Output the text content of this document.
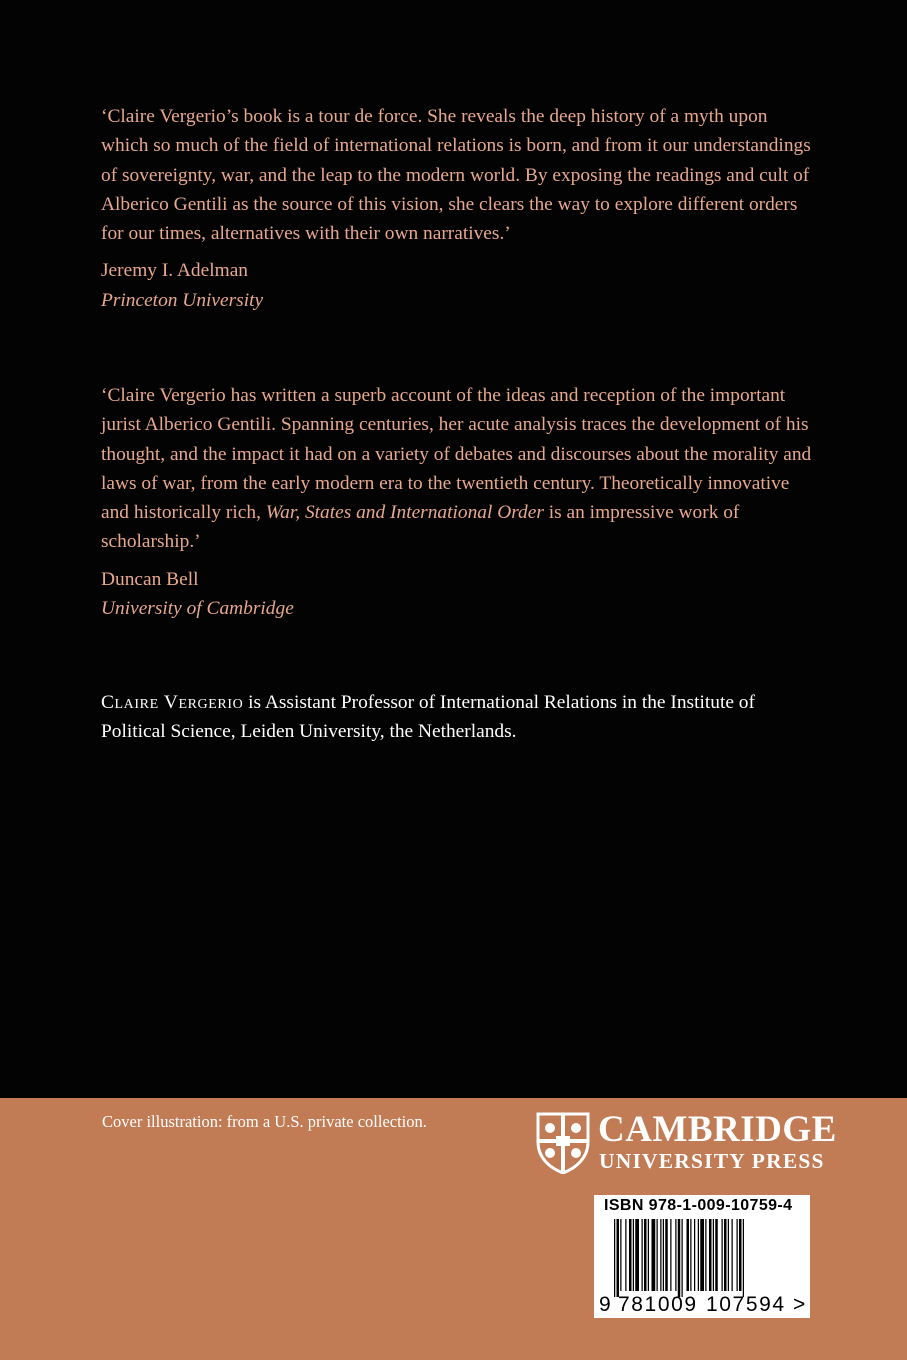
‘Claire Vergerio’s book is a tour de force. She reveals the deep history of a myth upon which so much of the field of international relations is born, and from it our understandings of sovereignty, war, and the leap to the modern world. By exposing the readings and cult of Alberico Gentili as the source of this vision, she clears the way to explore different orders for our times, alternatives with their own narratives.’

Jeremy I. Adelman

Princeton University

‘Claire Vergerio has written a superb account of the ideas and reception of the important jurist Alberico Gentili. Spanning centuries, her acute analysis traces the development of his thought, and the impact it had on a variety of debates and discourses about the morality and laws of war, from the early modern era to the twentieth century. Theoretically innovative and historically rich, War, States and International Order is an impressive work of scholarship.’

Duncan Bell

University of Cambridge

Claire Vergerio is Assistant Professor of International Relations in the Institute of Political Science, Leiden University, the Netherlands.

Cover illustration: from a U.S. private collection.	CAMBRIDGE
UNIVERSITY PRESS
ISBN 978-1-009-10759-4
9 781009 107594 >
